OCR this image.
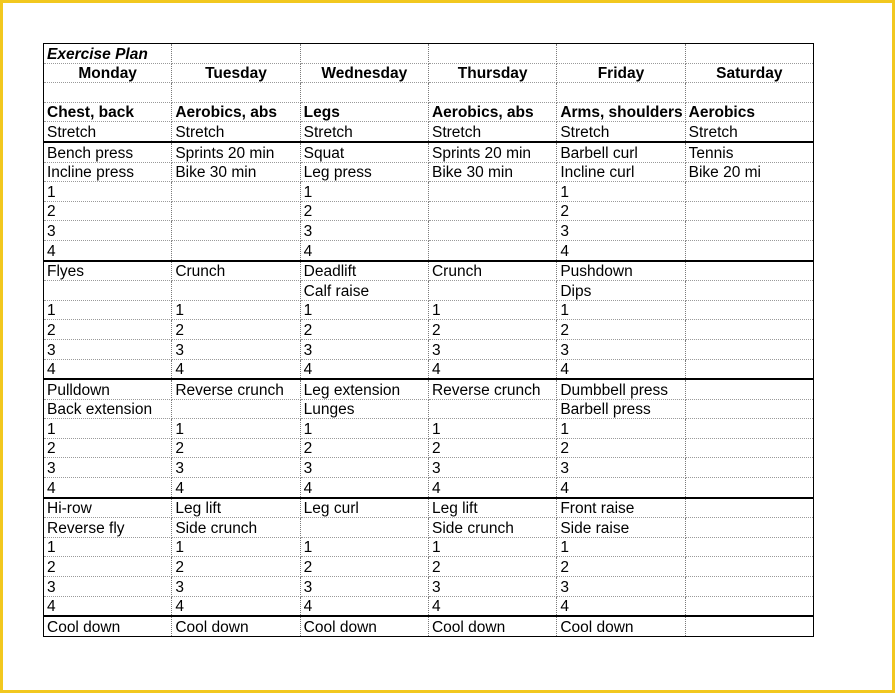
Exercise Plan					
Monday	Tuesday	Wednesday	Thursday	Friday	Saturday

Chest, back	Aerobics, abs	Legs	Aerobics, abs	Arms, shoulders	Aerobics
Stretch	Stretch	Stretch	Stretch	Stretch	Stretch
Bench press	Sprints 20 min	Squat	Sprints 20 min	Barbell curl	Tennis
Incline press	Bike 30 min	Leg press	Bike 30 min	Incline curl	Bike 20 mi
1		1		1	
2		2		2	
3		3		3	
4		4		4	
Flyes	Crunch	Deadlift	Crunch	Pushdown	
		Calf raise		Dips	
1	1	1	1	1	
2	2	2	2	2	
3	3	3	3	3	
4	4	4	4	4	
Pulldown	Reverse crunch	Leg extension	Reverse crunch	Dumbbell press	
Back extension		Lunges		Barbell press	
1	1	1	1	1	
2	2	2	2	2	
3	3	3	3	3	
4	4	4	4	4	
Hi-row	Leg lift	Leg curl	Leg lift	Front raise	
Reverse fly	Side crunch		Side crunch	Side raise	
1	1	1	1	1	
2	2	2	2	2	
3	3	3	3	3	
4	4	4	4	4	
Cool down	Cool down	Cool down	Cool down	Cool down	
